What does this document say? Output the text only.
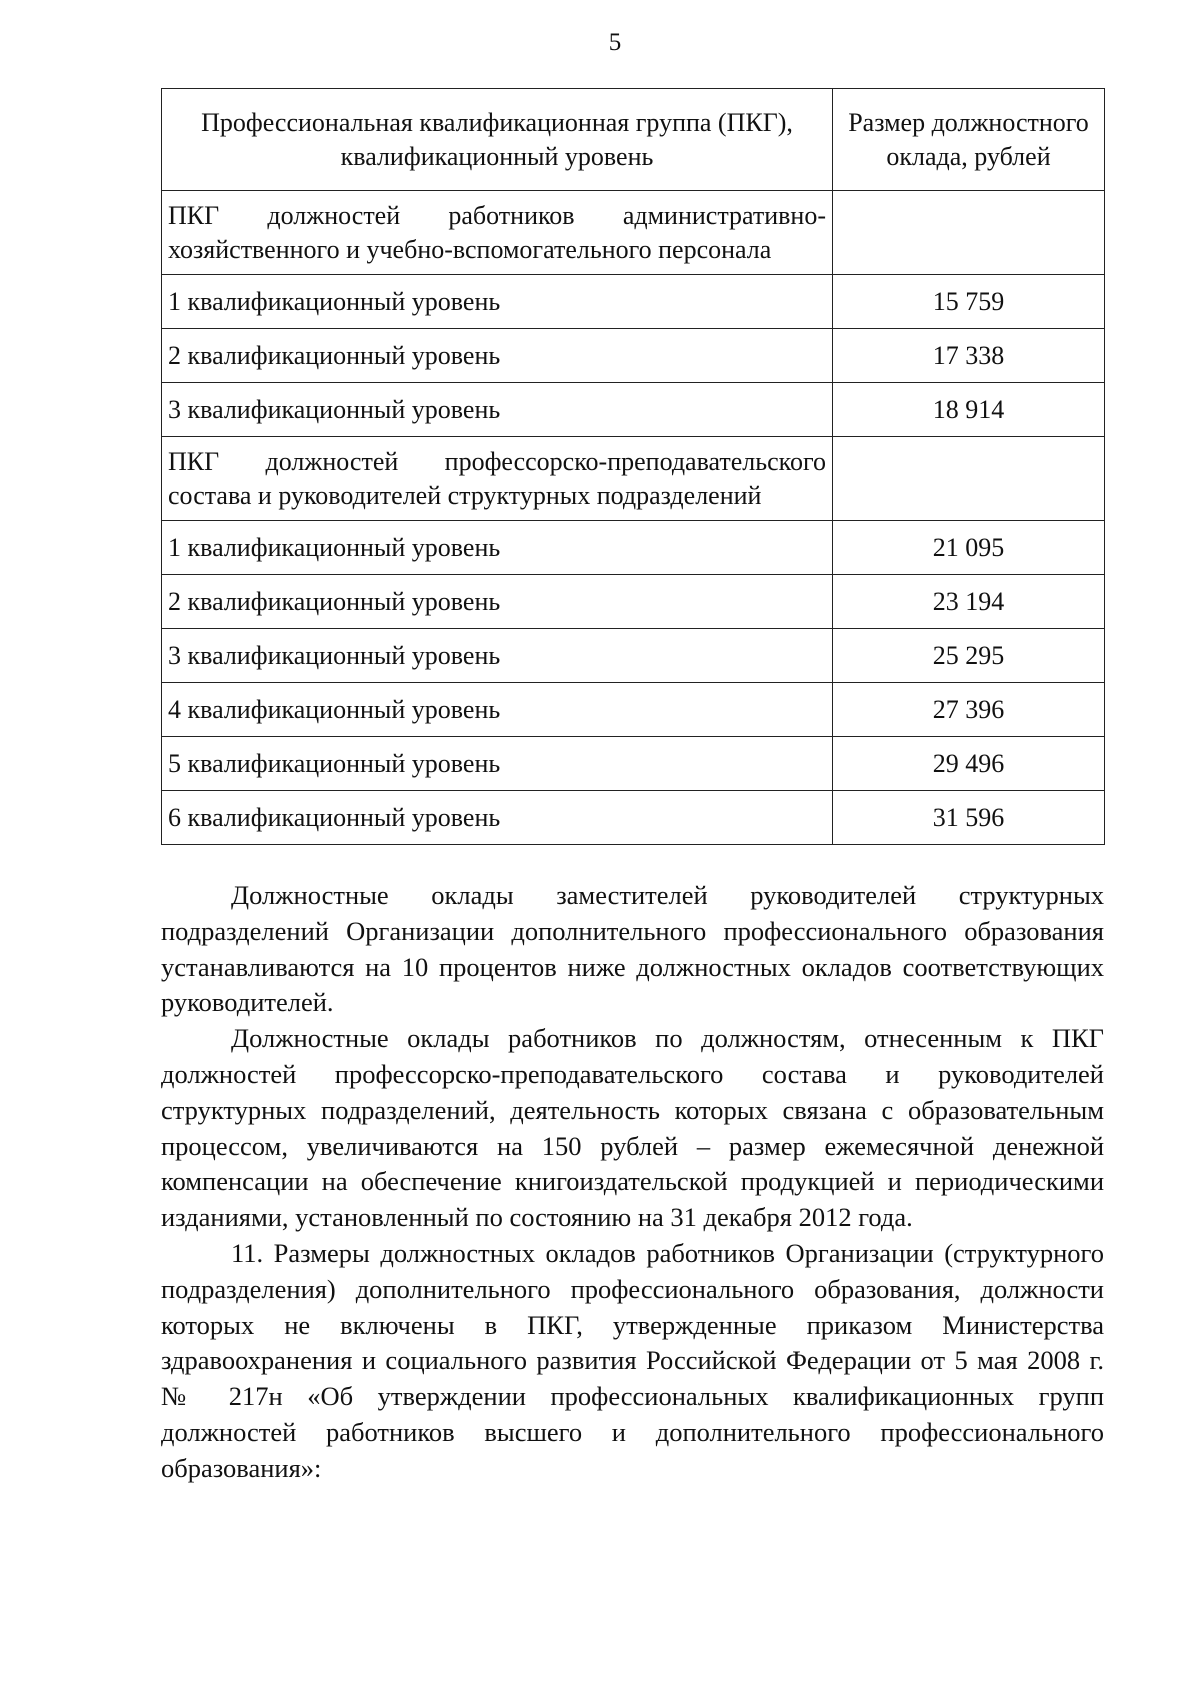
5
Профессиональная квалификационная группа (ПКГ), квалификационный уровень	Размер должностного оклада, рублей
ПКГ должностей работников административно-хозяйственного и учебно-вспомогательного персонала	
1 квалификационный уровень	15 759
2 квалификационный уровень	17 338
3 квалификационный уровень	18 914
ПКГ должностей профессорско-преподавательского состава и руководителей структурных подразделений	
1 квалификационный уровень	21 095
2 квалификационный уровень	23 194
3 квалификационный уровень	25 295
4 квалификационный уровень	27 396
5 квалификационный уровень	29 496
6 квалификационный уровень	31 596

Должностные оклады заместителей руководителей структурных подразделений Организации дополнительного профессионального образования устанавливаются на 10 процентов ниже должностных окладов соответствующих руководителей.

Должностные оклады работников по должностям, отнесенным к ПКГ должностей профессорско-преподавательского состава и руководителей структурных подразделений, деятельность которых связана с образовательным процессом, увеличиваются на 150 рублей – размер ежемесячной денежной компенсации на обеспечение книгоиздательской продукцией и периодическими изданиями, установленный по состоянию на 31 декабря 2012 года.

11. Размеры должностных окладов работников Организации (структурного подразделения) дополнительного профессионального образования, должности которых не включены в ПКГ, утвержденные приказом Министерства здравоохранения и социального развития Российской Федерации от 5 мая 2008 г. № 217н «Об утверждении профессиональных квалификационных групп должностей работников высшего и дополнительного профессионального образования»:
